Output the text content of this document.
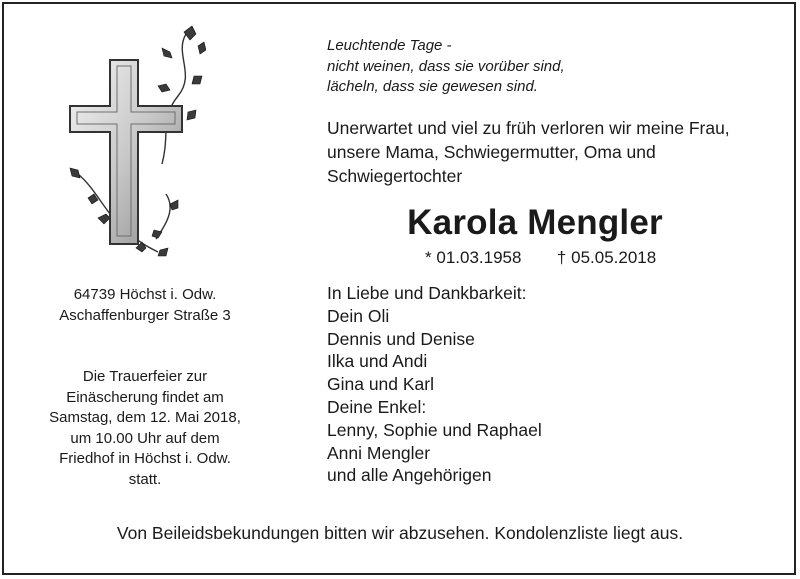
Leuchtende Tage -
nicht weinen, dass sie vorüber sind,
lächeln, dass sie gewesen sind.
Unerwartet und viel zu früh verloren wir meine Frau,
unsere Mama, Schwiegermutter, Oma und
Schwiegertochter
Karola Mengler
* 01.03.1958 † 05.05.2018
In Liebe und Dankbarkeit:
Dein Oli
Dennis und Denise
Ilka und Andi
Gina und Karl
Deine Enkel:
Lenny, Sophie und Raphael
Anni Mengler
und alle Angehörigen
64739 Höchst i. Odw.
Aschaffenburger Straße 3
Die Trauerfeier zur
Einäscherung findet am
Samstag, dem 12. Mai 2018,
um 10.00 Uhr auf dem
Friedhof in Höchst i. Odw.
statt.
Von Beileidsbekundungen bitten wir abzusehen. Kondolenzliste liegt aus.
